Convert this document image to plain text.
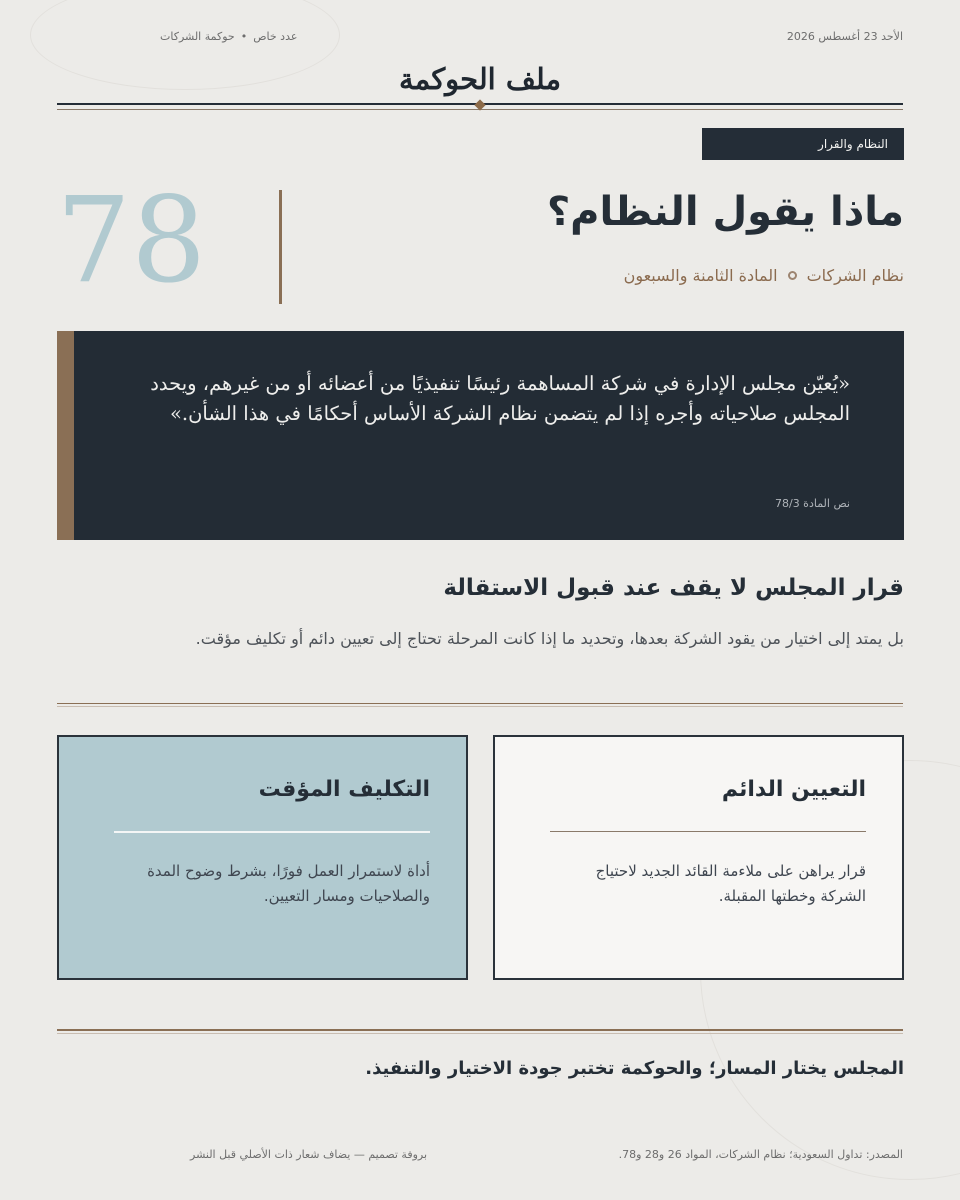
الأحد 23 أغسطس 2026
عدد خاص•حوكمة الشركات
ملف الحوكمة
النظام والقرار
78	ماذا يقول النظام؟
نظام الشركات
المادة الثامنة والسبعون
«يُعيّن مجلس الإدارة في شركة المساهمة رئيسًا تنفيذيًا من أعضائه أو من غيرهم، ويحدد المجلس صلاحياته وأجره إذا لم يتضمن نظام الشركة الأساس أحكامًا في هذا الشأن.»
نص المادة 78/3
قرار المجلس لا يقف عند قبول الاستقالة
بل يمتد إلى اختيار من يقود الشركة بعدها، وتحديد ما إذا كانت المرحلة تحتاج إلى تعيين دائم أو تكليف مؤقت.
التعيين الدائم
قرار يراهن على ملاءمة القائد الجديد لاحتياج الشركة وخطتها المقبلة.
التكليف المؤقت
أداة لاستمرار العمل فورًا، بشرط وضوح المدة والصلاحيات ومسار التعيين.
المجلس يختار المسار؛ والحوكمة تختبر جودة الاختيار والتنفيذ.
المصدر: تداول السعودية؛ نظام الشركات، المواد 26 و28 و78.
بروفة تصميم — يضاف شعار ذات الأصلي قبل النشر
